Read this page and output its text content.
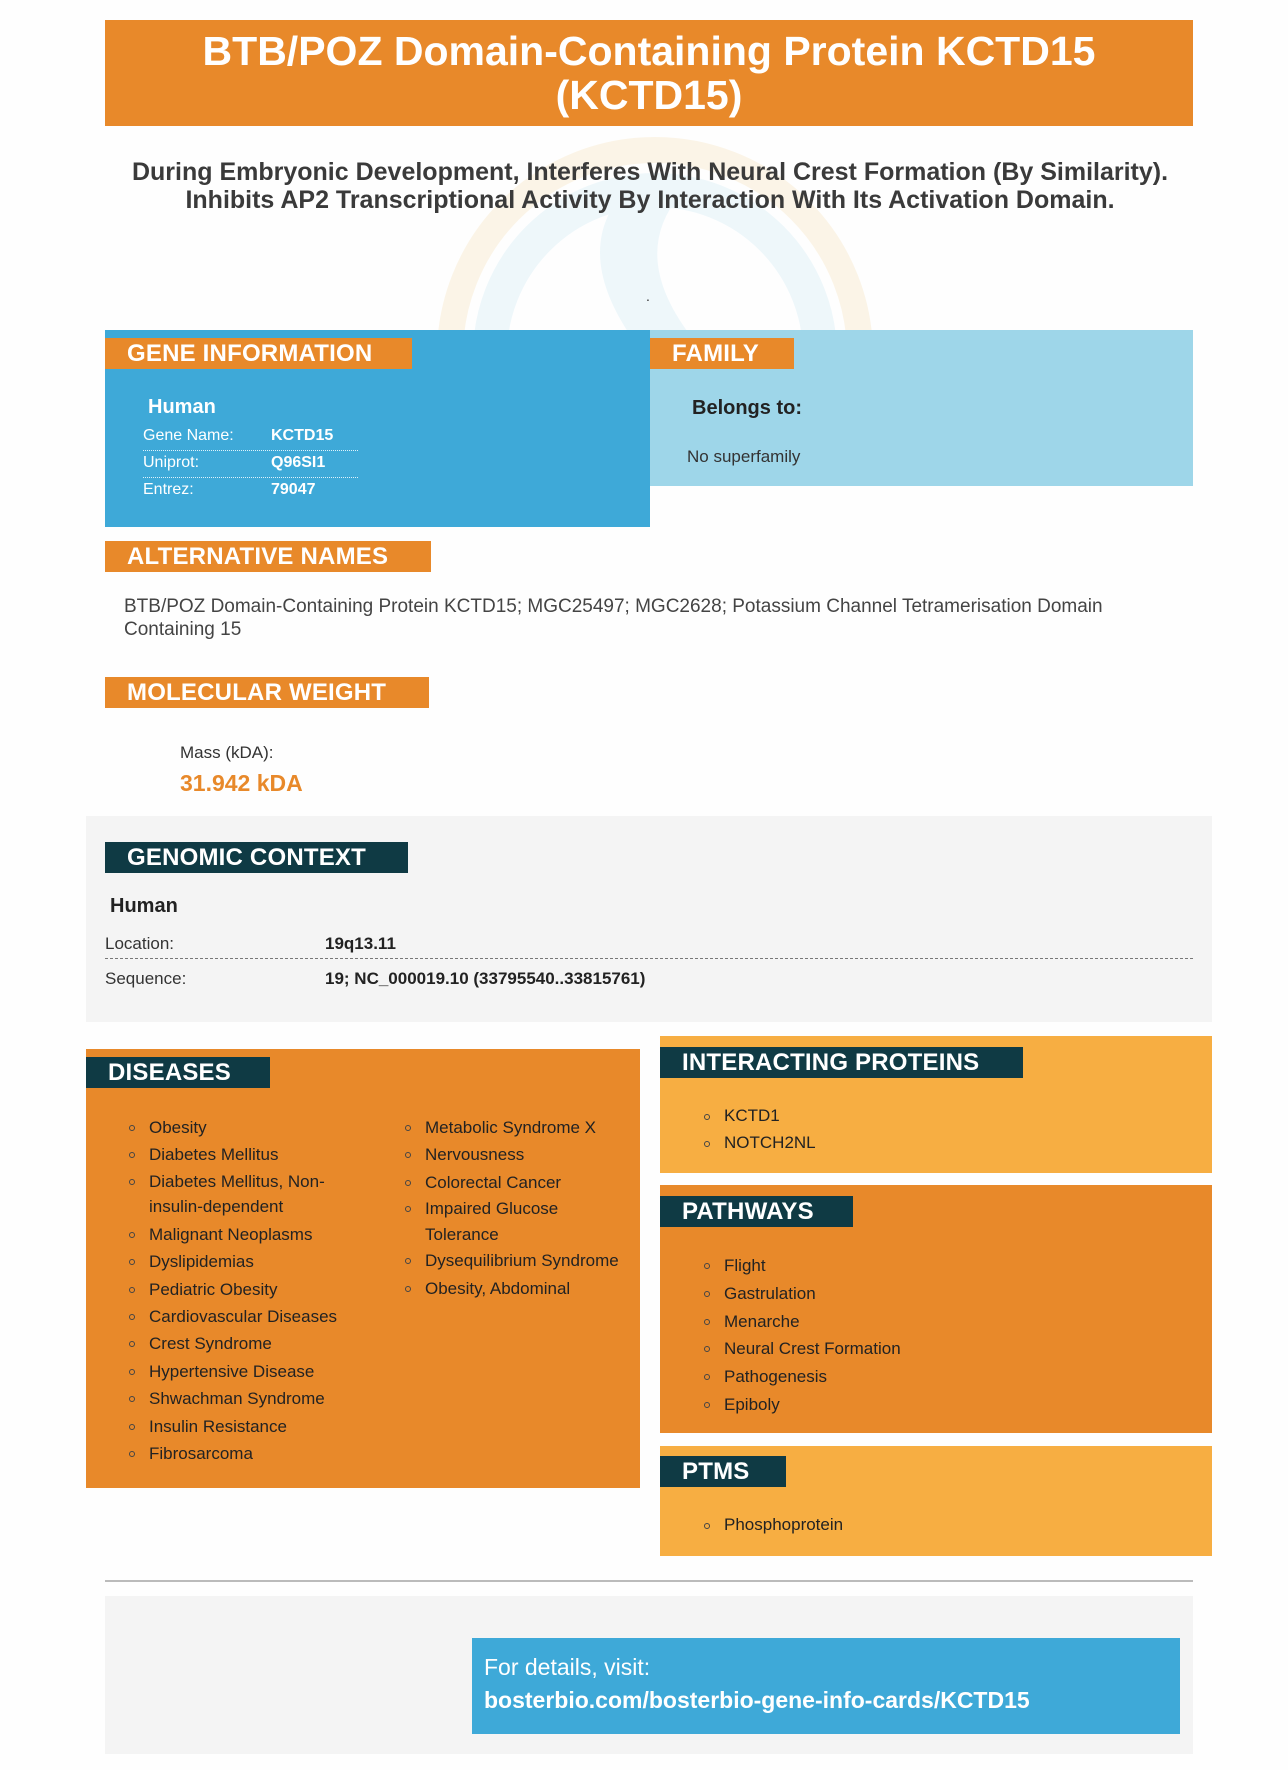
BTB/POZ Domain-Containing Protein KCTD15 (KCTD15)
During Embryonic Development, Interferes With Neural Crest Formation (By Similarity). Inhibits AP2 Transcriptional Activity By Interaction With Its Activation Domain.
.
GENE INFORMATION
Human
Gene Name: KCTD15
Uniprot:	Q96SI1
Entrez:	79047
FAMILY
Belongs to:
No superfamily
ALTERNATIVE NAMES
BTB/POZ Domain-Containing Protein KCTD15; MGC25497; MGC2628; Potassium Channel Tetramerisation Domain Containing 15
MOLECULAR WEIGHT
Mass (kDA):
31.942 kDA
GENOMIC CONTEXT
Human
Location:	19q13.11
Sequence:	19; NC_000019.10 (33795540..33815761)
DISEASES
Obesity
Diabetes Mellitus
Diabetes Mellitus, Non-insulin-dependent
Malignant Neoplasms
Dyslipidemias
Pediatric Obesity
Cardiovascular Diseases
Crest Syndrome
Hypertensive Disease
Shwachman Syndrome
Insulin Resistance
Fibrosarcoma
Metabolic Syndrome X
Nervousness
Colorectal Cancer
Impaired Glucose Tolerance
Dysequilibrium Syndrome
Obesity, Abdominal
INTERACTING PROTEINS
KCTD1
NOTCH2NL
PATHWAYS
Flight
Gastrulation
Menarche
Neural Crest Formation
Pathogenesis
Epiboly
PTMS
Phosphoprotein
For details, visit:
bosterbio.com/bosterbio-gene-info-cards/KCTD15
